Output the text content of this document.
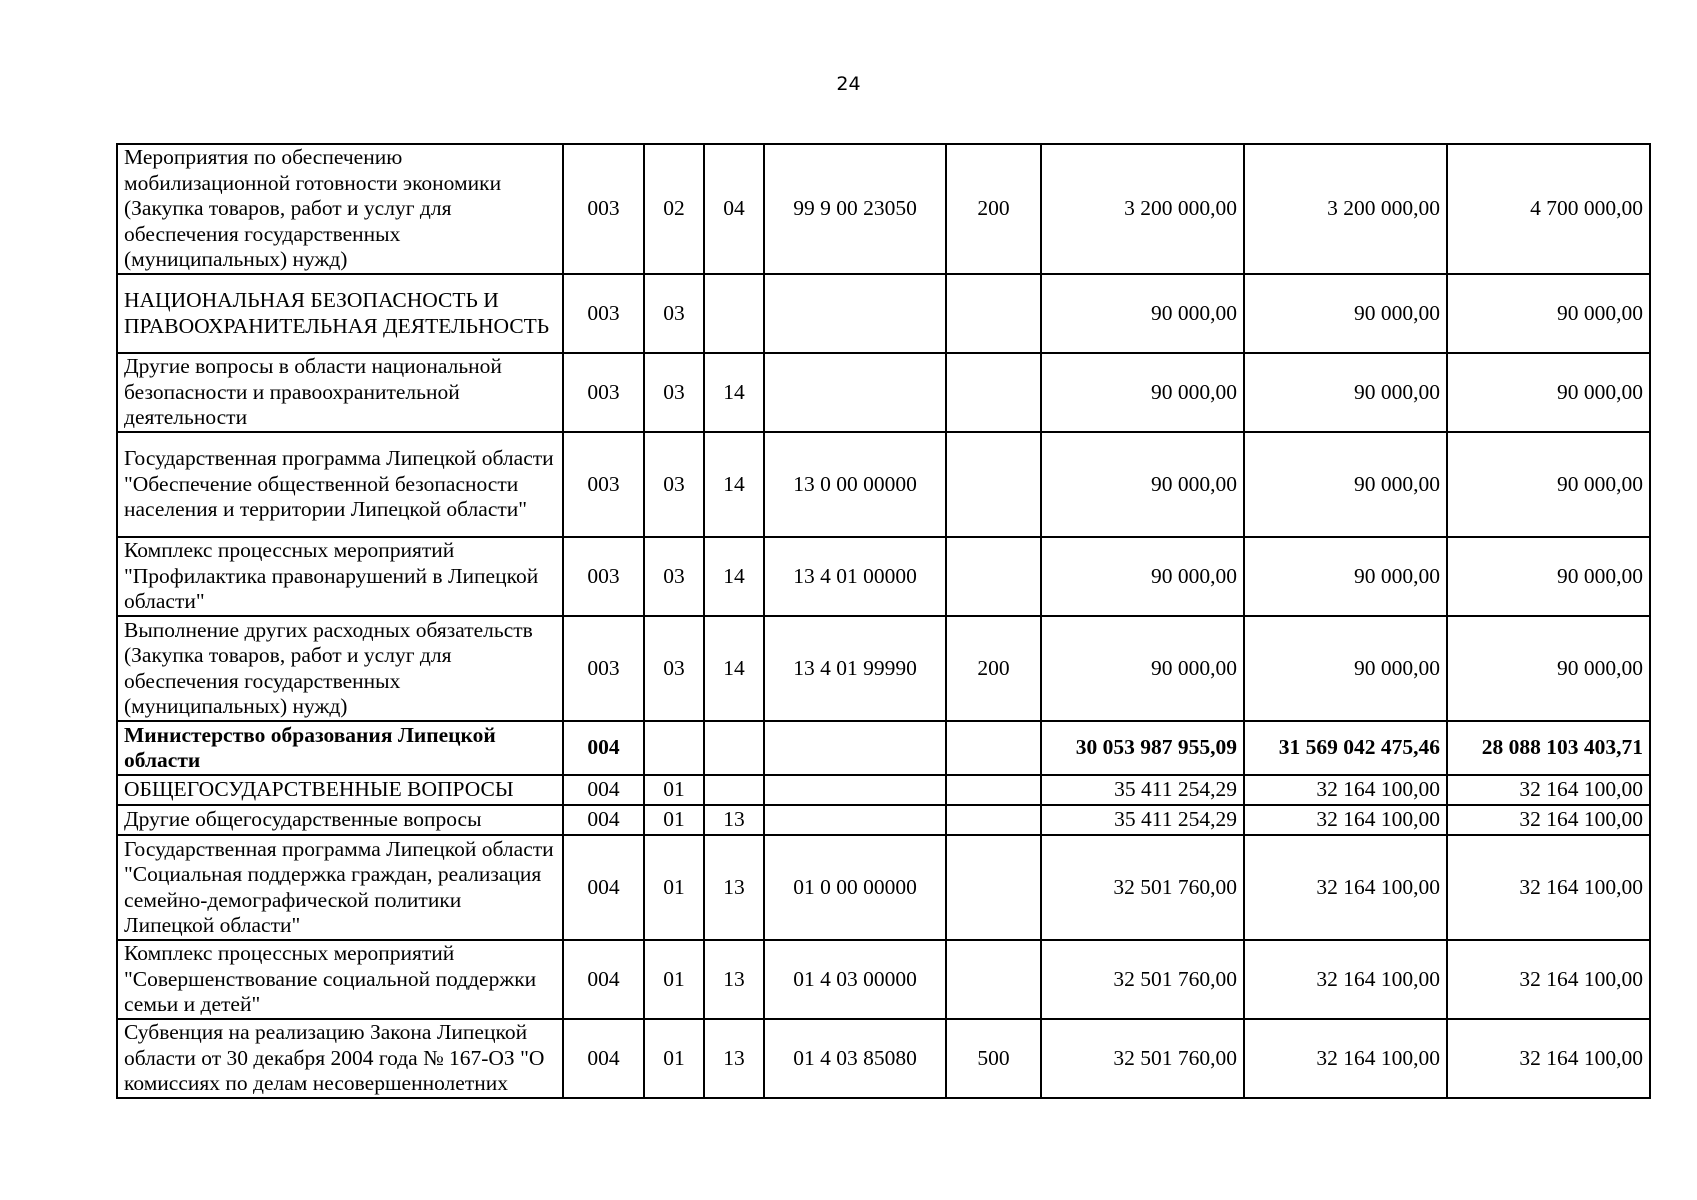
24
Мероприятия по обеспечению мобилизационной готовности экономики (Закупка товаров, работ и услуг для обеспечения государственных (муниципальных) нужд)	003	02	04	99 9 00 23050	200	3 200 000,00	3 200 000,00	4 700 000,00
НАЦИОНАЛЬНАЯ БЕЗОПАСНОСТЬ И ПРАВООХРАНИТЕЛЬНАЯ ДЕЯТЕЛЬНОСТЬ	003	03				90 000,00	90 000,00	90 000,00
Другие вопросы в области национальной безопасности и правоохранительной деятельности	003	03	14			90 000,00	90 000,00	90 000,00
Государственная программа Липецкой области "Обеспечение общественной безопасности населения и территории Липецкой области"	003	03	14	13 0 00 00000		90 000,00	90 000,00	90 000,00
Комплекс процессных мероприятий "Профилактика правонарушений в Липецкой области"	003	03	14	13 4 01 00000		90 000,00	90 000,00	90 000,00
Выполнение других расходных обязательств (Закупка товаров, работ и услуг для обеспечения государственных (муниципальных) нужд)	003	03	14	13 4 01 99990	200	90 000,00	90 000,00	90 000,00
Министерство образования Липецкой области	004					30 053 987 955,09	31 569 042 475,46	28 088 103 403,71
ОБЩЕГОСУДАРСТВЕННЫЕ ВОПРОСЫ	004	01				35 411 254,29	32 164 100,00	32 164 100,00
Другие общегосударственные вопросы	004	01	13			35 411 254,29	32 164 100,00	32 164 100,00
Государственная программа Липецкой области "Социальная поддержка граждан, реализация семейно-демографической политики Липецкой области"	004	01	13	01 0 00 00000		32 501 760,00	32 164 100,00	32 164 100,00
Комплекс процессных мероприятий "Совершенствование социальной поддержки семьи и детей"	004	01	13	01 4 03 00000		32 501 760,00	32 164 100,00	32 164 100,00
Субвенция на реализацию Закона Липецкой области от 30 декабря 2004 года № 167-ОЗ "О комиссиях по делам несовершеннолетних	004	01	13	01 4 03 85080	500	32 501 760,00	32 164 100,00	32 164 100,00
